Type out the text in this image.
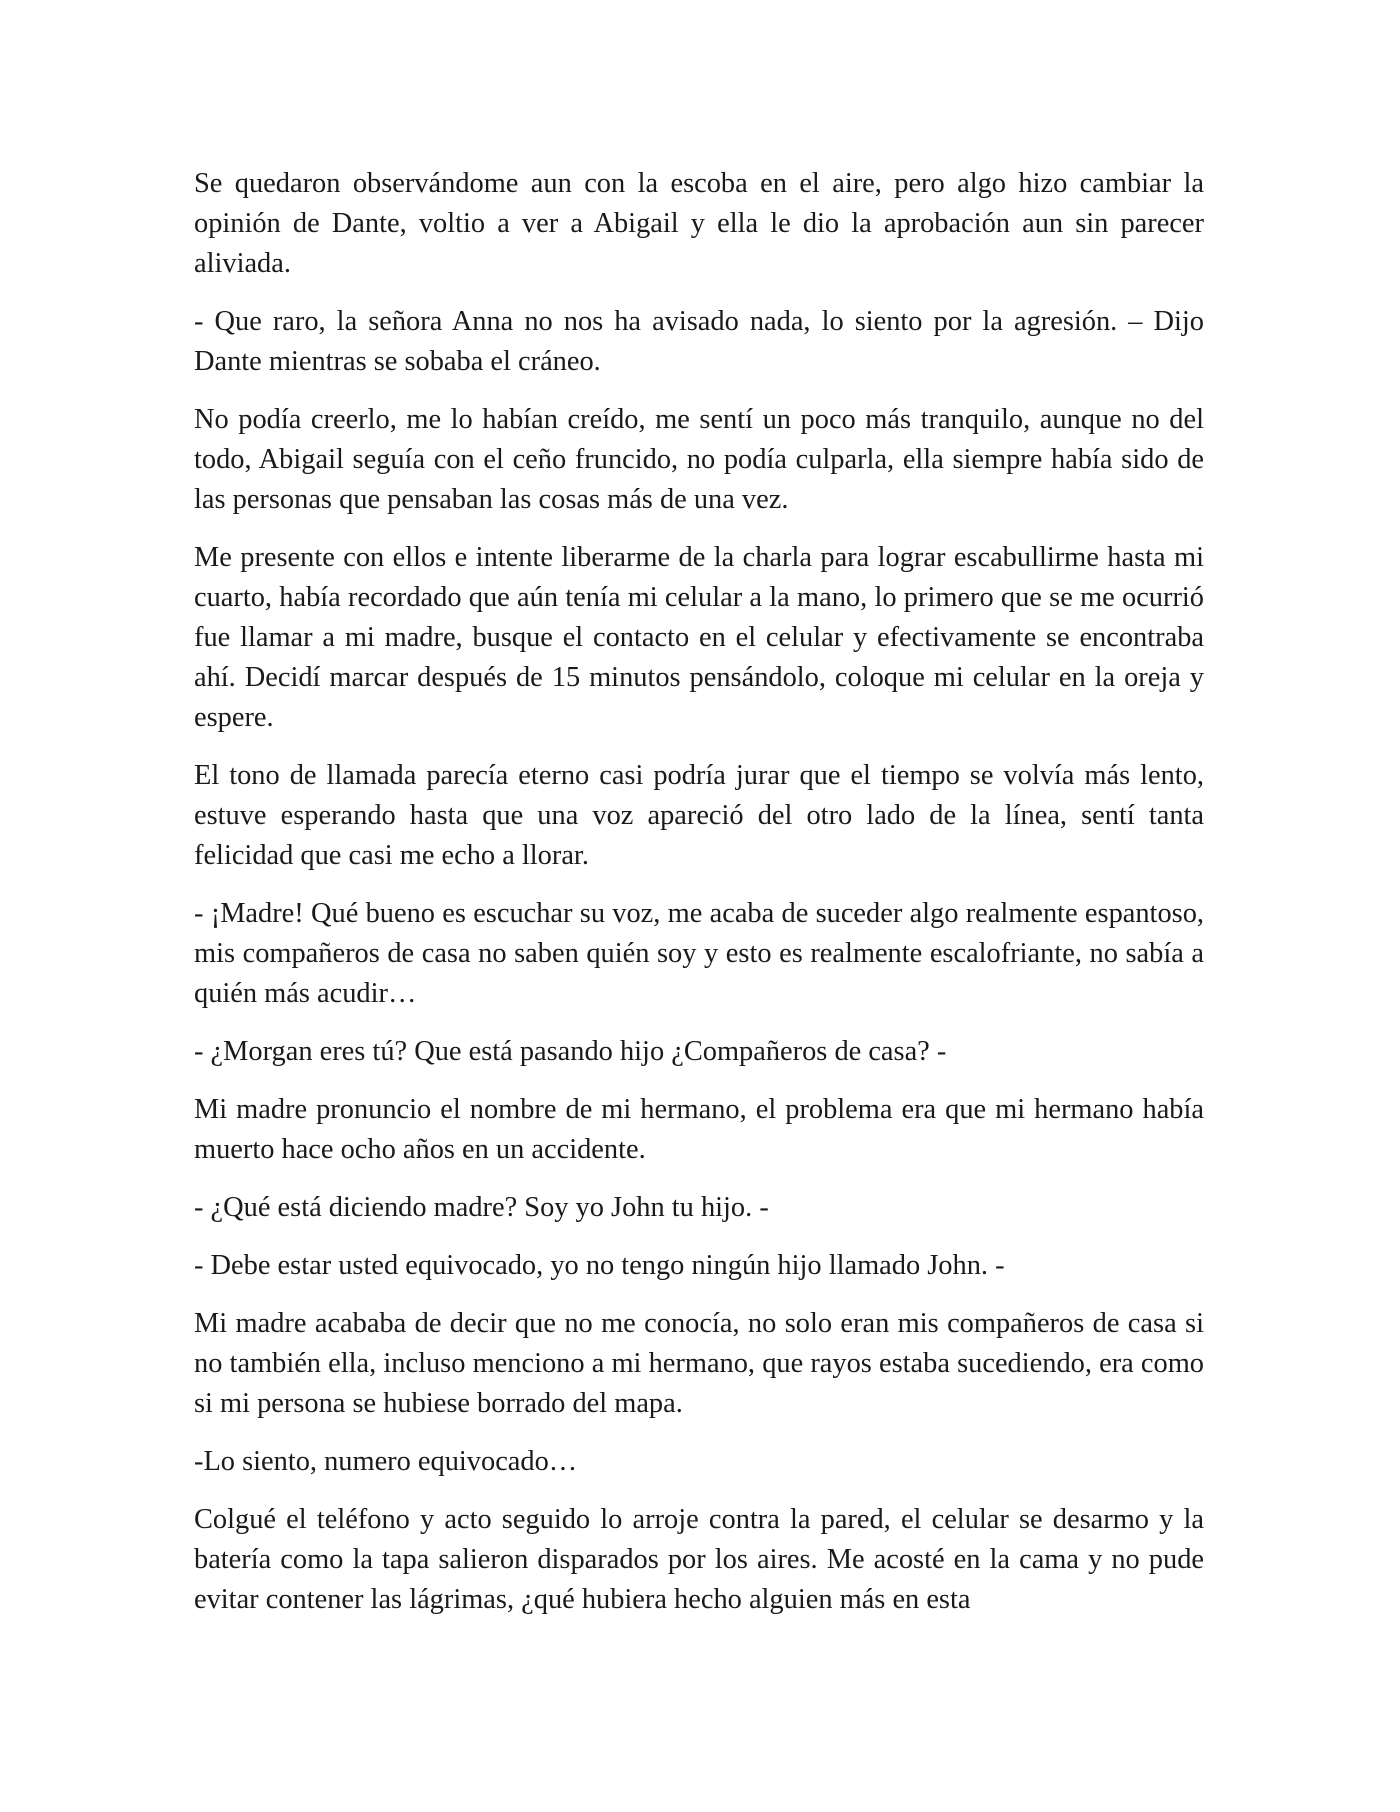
Se quedaron observándome aun con la escoba en el aire, pero algo hizo cambiar la opinión de Dante, voltio a ver a Abigail y ella le dio la aprobación aun sin parecer aliviada.

- Que raro, la señora Anna no nos ha avisado nada, lo siento por la agresión. – Dijo Dante mientras se sobaba el cráneo.

No podía creerlo, me lo habían creído, me sentí un poco más tranquilo, aunque no del todo, Abigail seguía con el ceño fruncido, no podía culparla, ella siempre había sido de las personas que pensaban las cosas más de una vez.

Me presente con ellos e intente liberarme de la charla para lograr escabullirme hasta mi cuarto, había recordado que aún tenía mi celular a la mano, lo primero que se me ocurrió fue llamar a mi madre, busque el contacto en el celular y efectivamente se encontraba ahí. Decidí marcar después de 15 minutos pensándolo, coloque mi celular en la oreja y espere.

El tono de llamada parecía eterno casi podría jurar que el tiempo se volvía más lento, estuve esperando hasta que una voz apareció del otro lado de la línea, sentí tanta felicidad que casi me echo a llorar.

- ¡Madre! Qué bueno es escuchar su voz, me acaba de suceder algo realmente espantoso, mis compañeros de casa no saben quién soy y esto es realmente escalofriante, no sabía a quién más acudir…

- ¿Morgan eres tú? Que está pasando hijo ¿Compañeros de casa? -

Mi madre pronuncio el nombre de mi hermano, el problema era que mi hermano había muerto hace ocho años en un accidente.

- ¿Qué está diciendo madre? Soy yo John tu hijo. -

- Debe estar usted equivocado, yo no tengo ningún hijo llamado John. -

Mi madre acababa de decir que no me conocía, no solo eran mis compañeros de casa si no también ella, incluso menciono a mi hermano, que rayos estaba sucediendo, era como si mi persona se hubiese borrado del mapa.

-Lo siento, numero equivocado…

Colgué el teléfono y acto seguido lo arroje contra la pared, el celular se desarmo y la batería como la tapa salieron disparados por los aires. Me acosté en la cama y no pude evitar contener las lágrimas, ¿qué hubiera hecho alguien más en esta
